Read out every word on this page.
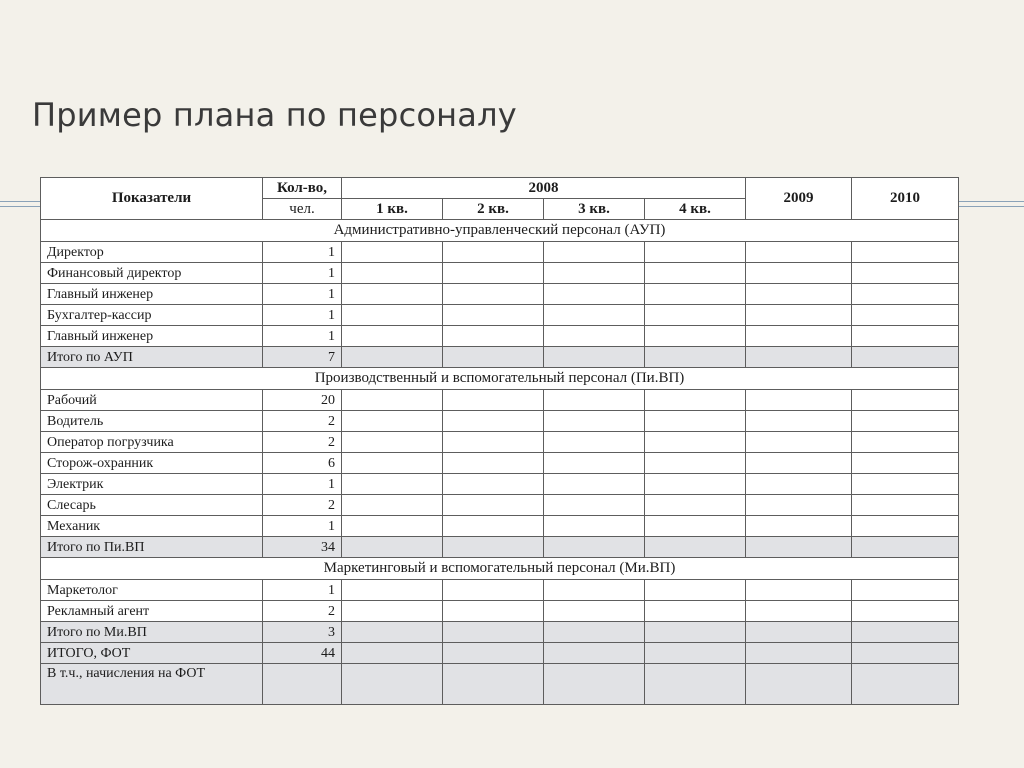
Пример плана по персоналу
Показатели	Кол-во,	2008				2009	2010
	чел.	1 кв.	2 кв.	3 кв.	4 кв.		
Административно-управленческий персонал (АУП)							
Директор	1						
Финансовый директор	1						
Главный инженер	1						
Бухгалтер-кассир	1						
Главный инженер	1						
Итого по АУП	7						
Производственный и вспомогательный персонал (Пи.ВП)							
Рабочий	20						
Водитель	2						
Оператор погрузчика	2						
Сторож-охранник	6						
Электрик	1						
Слесарь	2						
Механик	1						
Итого по Пи.ВП	34						
Маркетинговый и вспомогательный персонал (Ми.ВП)							
Маркетолог	1						
Рекламный агент	2						
Итого по Ми.ВП	3						
ИТОГО, ФОТ	44						
В т.ч., начисления на ФОТ							
